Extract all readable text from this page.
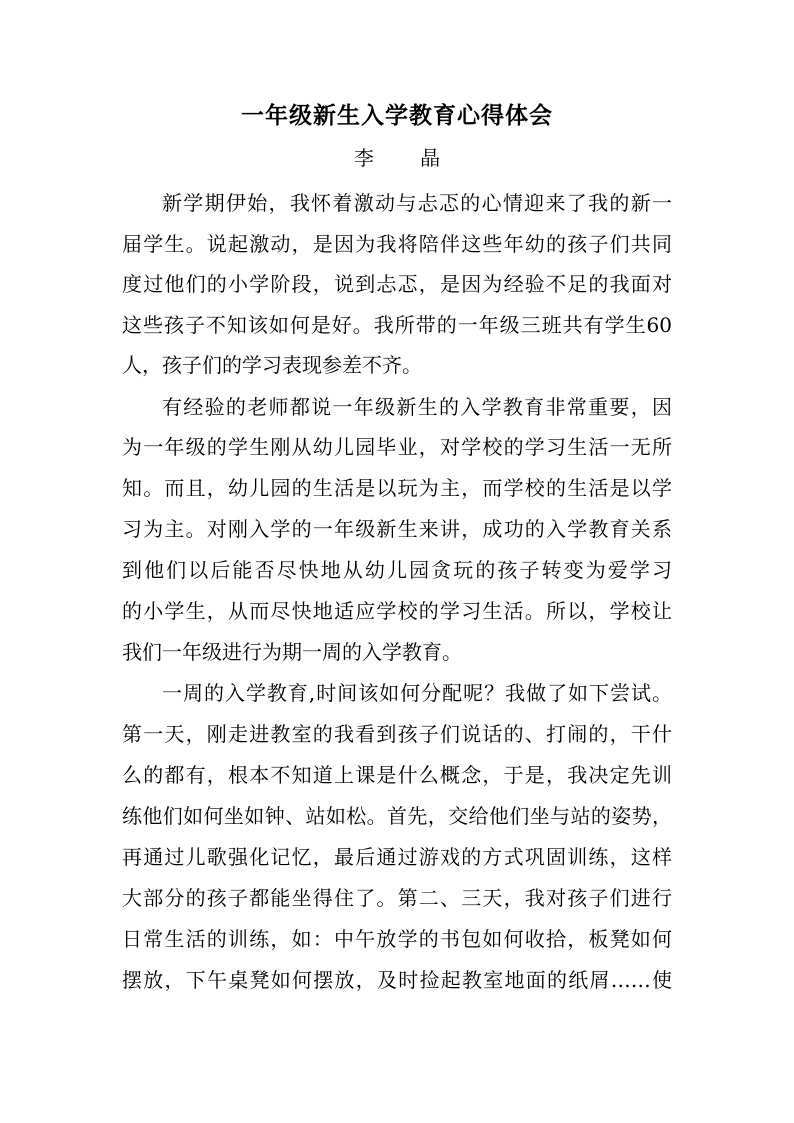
一年级新生入学教育心得体会
李 晶
新学期伊始，我怀着激动与忐忑的心情迎来了我的新一
届学生。说起激动，是因为我将陪伴这些年幼的孩子们共同
度过他们的小学阶段，说到忐忑，是因为经验不足的我面对
这些孩子不知该如何是好。我所带的一年级三班共有学生60
人，孩子们的学习表现参差不齐。
有经验的老师都说一年级新生的入学教育非常重要，因
为一年级的学生刚从幼儿园毕业，对学校的学习生活一无所
知。而且，幼儿园的生活是以玩为主，而学校的生活是以学
习为主。对刚入学的一年级新生来讲，成功的入学教育关系
到他们以后能否尽快地从幼儿园贪玩的孩子转变为爱学习
的小学生，从而尽快地适应学校的学习生活。所以，学校让
我们一年级进行为期一周的入学教育。
一周的入学教育,时间该如何分配呢？我做了如下尝试。
第一天，刚走进教室的我看到孩子们说话的、打闹的，干什
么的都有，根本不知道上课是什么概念，于是，我决定先训
练他们如何坐如钟、站如松。首先，交给他们坐与站的姿势，
再通过儿歌强化记忆，最后通过游戏的方式巩固训练，这样
大部分的孩子都能坐得住了。第二、三天，我对孩子们进行
日常生活的训练，如：中午放学的书包如何收拾，板凳如何
摆放，下午桌凳如何摆放，及时捡起教室地面的纸屑……使
